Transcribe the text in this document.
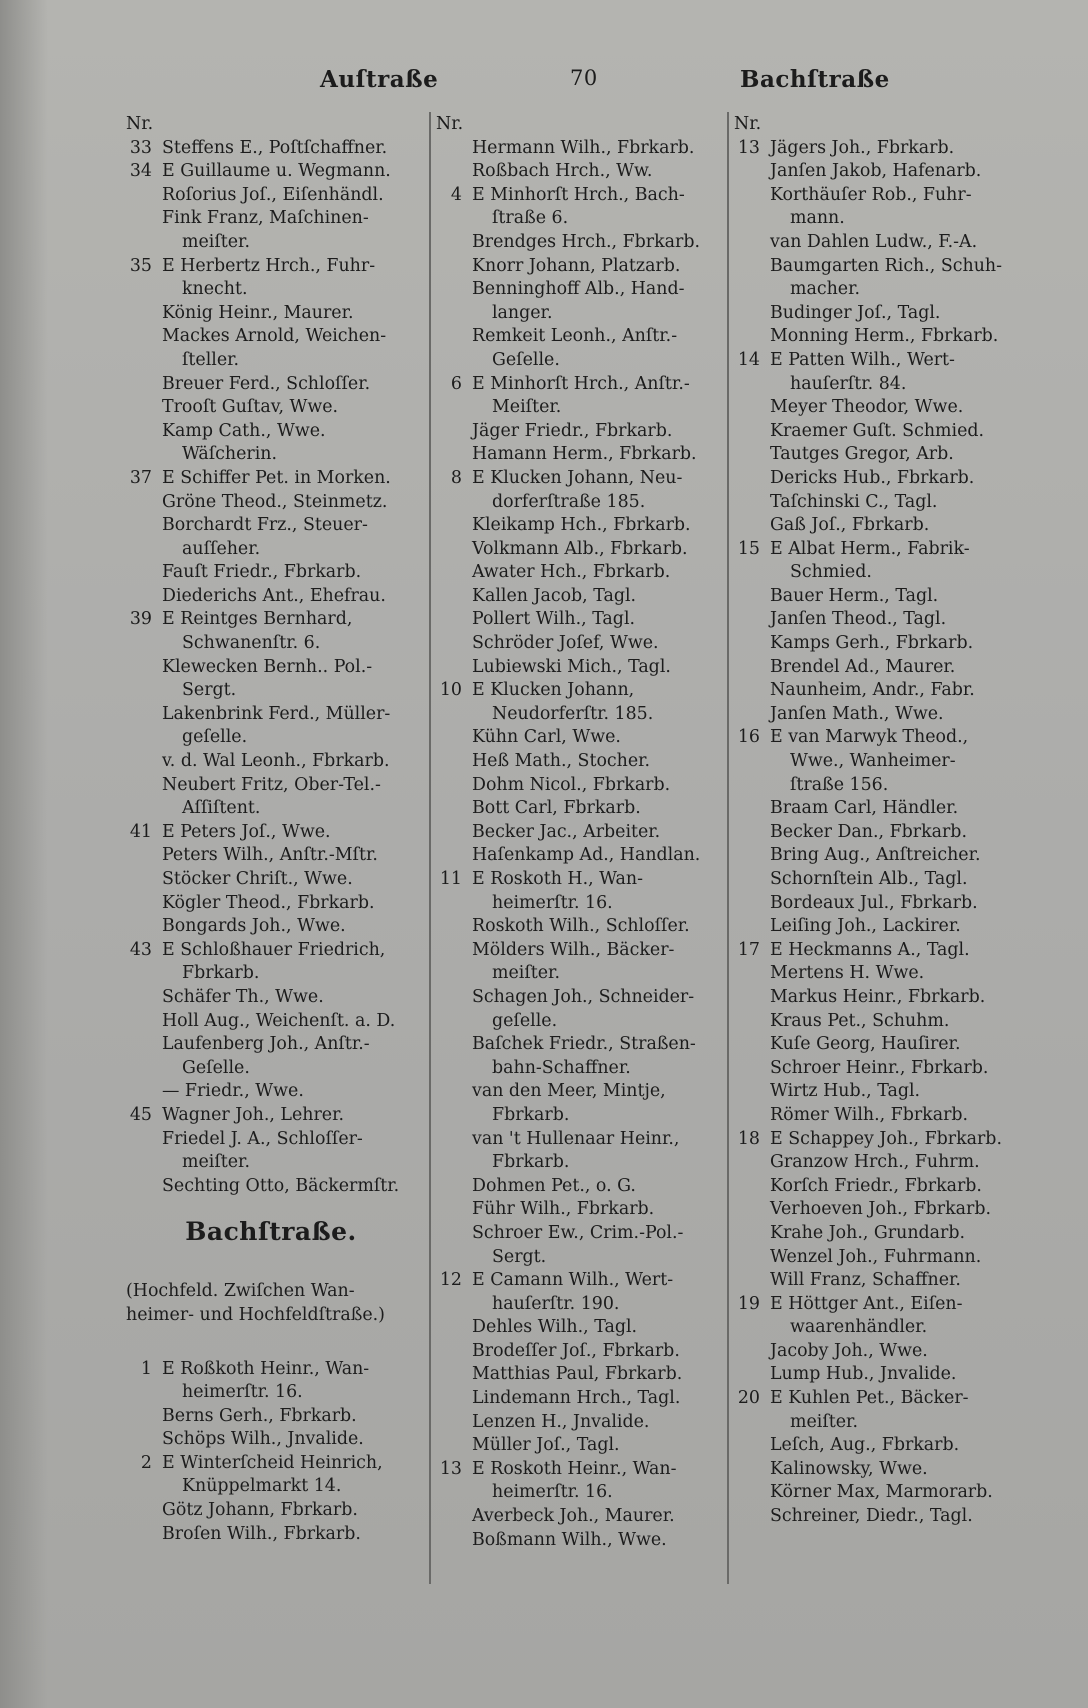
Auſtraße	70	Bachſtraße
Nr.
33 Steffens E., Poſtſchaffner.
34 E Guillaume u. Wegmann.
Roſorius Joſ., Eiſenhändl.
Fink Franz, Maſchinen-
meiſter.
35 E Herbertz Hrch., Fuhr-
knecht.
König Heinr., Maurer.
Mackes Arnold, Weichen-
ſteller.
Breuer Ferd., Schloſſer.
Trooſt Guſtav, Wwe.
Kamp Cath., Wwe.
Wäſcherin.
37 E Schiffer Pet. in Morken.
Gröne Theod., Steinmetz.
Borchardt Frz., Steuer-
auſſeher.
Fauſt Friedr., Fbrkarb.
Diederichs Ant., Ehefrau.
39 E Reintges Bernhard,
Schwanenſtr. 6.
Klewecken Bernh.. Pol.-
Sergt.
Lakenbrink Ferd., Müller-
geſelle.
v. d. Wal Leonh., Fbrkarb.
Neubert Fritz, Ober-Tel.-
Aſſiſtent.
41 E Peters Joſ., Wwe.
Peters Wilh., Anſtr.-Mſtr.
Stöcker Chriſt., Wwe.
Kögler Theod., Fbrkarb.
Bongards Joh., Wwe.
43 E Schloßhauer Friedrich,
Fbrkarb.
Schäfer Th., Wwe.
Holl Aug., Weichenſt. a. D.
Laufenberg Joh., Anſtr.-
Geſelle.
— Friedr., Wwe.
45 Wagner Joh., Lehrer.
Friedel J. A., Schloſſer-
meiſter.
Sechting Otto, Bäckermſtr.
Bachſtraße.
(Hochfeld. Zwiſchen Wan-
heimer- und Hochfeldſtraße.)
1 E Roßkoth Heinr., Wan-
heimerſtr. 16.
Berns Gerh., Fbrkarb.
Schöps Wilh., Jnvalide.
2 E Winterſcheid Heinrich,
Knüppelmarkt 14.
Götz Johann, Fbrkarb.
Broſen Wilh., Fbrkarb.
Nr.
Hermann Wilh., Fbrkarb.
Roßbach Hrch., Ww.
4 E Minhorſt Hrch., Bach-
ſtraße 6.
Brendges Hrch., Fbrkarb.
Knorr Johann, Platzarb.
Benninghoff Alb., Hand-
langer.
Remkeit Leonh., Anſtr.-
Geſelle.
6 E Minhorſt Hrch., Anſtr.-
Meiſter.
Jäger Friedr., Fbrkarb.
Hamann Herm., Fbrkarb.
8 E Klucken Johann, Neu-
dorferſtraße 185.
Kleikamp Hch., Fbrkarb.
Volkmann Alb., Fbrkarb.
Awater Hch., Fbrkarb.
Kallen Jacob, Tagl.
Pollert Wilh., Tagl.
Schröder Joſef, Wwe.
Lubiewski Mich., Tagl.
10 E Klucken Johann,
Neudorferſtr. 185.
Kühn Carl, Wwe.
Heß Math., Stocher.
Dohm Nicol., Fbrkarb.
Bott Carl, Fbrkarb.
Becker Jac., Arbeiter.
Haſenkamp Ad., Handlan.
11 E Roskoth H., Wan-
heimerſtr. 16.
Roskoth Wilh., Schloſſer.
Mölders Wilh., Bäcker-
meiſter.
Schagen Joh., Schneider-
geſelle.
Baſchek Friedr., Straßen-
bahn-Schaffner.
van den Meer, Mintje,
Fbrkarb.
van 't Hullenaar Heinr.,
Fbrkarb.
Dohmen Pet., o. G.
Führ Wilh., Fbrkarb.
Schroer Ew., Crim.-Pol.-
Sergt.
12 E Camann Wilh., Wert-
hauſerſtr. 190.
Dehles Wilh., Tagl.
Brodeſſer Joſ., Fbrkarb.
Matthias Paul, Fbrkarb.
Lindemann Hrch., Tagl.
Lenzen H., Jnvalide.
Müller Joſ., Tagl.
13 E Roskoth Heinr., Wan-
heimerſtr. 16.
Averbeck Joh., Maurer.
Boßmann Wilh., Wwe.
Nr.
13 Jägers Joh., Fbrkarb.
Janſen Jakob, Hafenarb.
Korthäuſer Rob., Fuhr-
mann.
van Dahlen Ludw., F.-A.
Baumgarten Rich., Schuh-
macher.
Budinger Joſ., Tagl.
Monning Herm., Fbrkarb.
14 E Patten Wilh., Wert-
hauſerſtr. 84.
Meyer Theodor, Wwe.
Kraemer Guſt. Schmied.
Tautges Gregor, Arb.
Dericks Hub., Fbrkarb.
Taſchinski C., Tagl.
Gaß Joſ., Fbrkarb.
15 E Albat Herm., Fabrik-
Schmied.
Bauer Herm., Tagl.
Janſen Theod., Tagl.
Kamps Gerh., Fbrkarb.
Brendel Ad., Maurer.
Naunheim, Andr., Fabr.
Janſen Math., Wwe.
16 E van Marwyk Theod.,
Wwe., Wanheimer-
ſtraße 156.
Braam Carl, Händler.
Becker Dan., Fbrkarb.
Bring Aug., Anſtreicher.
Schornſtein Alb., Tagl.
Bordeaux Jul., Fbrkarb.
Leiſing Joh., Lackirer.
17 E Heckmanns A., Tagl.
Mertens H. Wwe.
Markus Heinr., Fbrkarb.
Kraus Pet., Schuhm.
Kuſe Georg, Hauſirer.
Schroer Heinr., Fbrkarb.
Wirtz Hub., Tagl.
Römer Wilh., Fbrkarb.
18 E Schappey Joh., Fbrkarb.
Granzow Hrch., Fuhrm.
Korſch Friedr., Fbrkarb.
Verhoeven Joh., Fbrkarb.
Krahe Joh., Grundarb.
Wenzel Joh., Fuhrmann.
Will Franz, Schaffner.
19 E Höttger Ant., Eiſen-
waarenhändler.
Jacoby Joh., Wwe.
Lump Hub., Jnvalide.
20 E Kuhlen Pet., Bäcker-
meiſter.
Leſch, Aug., Fbrkarb.
Kalinowsky, Wwe.
Körner Max, Marmorarb.
Schreiner, Diedr., Tagl.
